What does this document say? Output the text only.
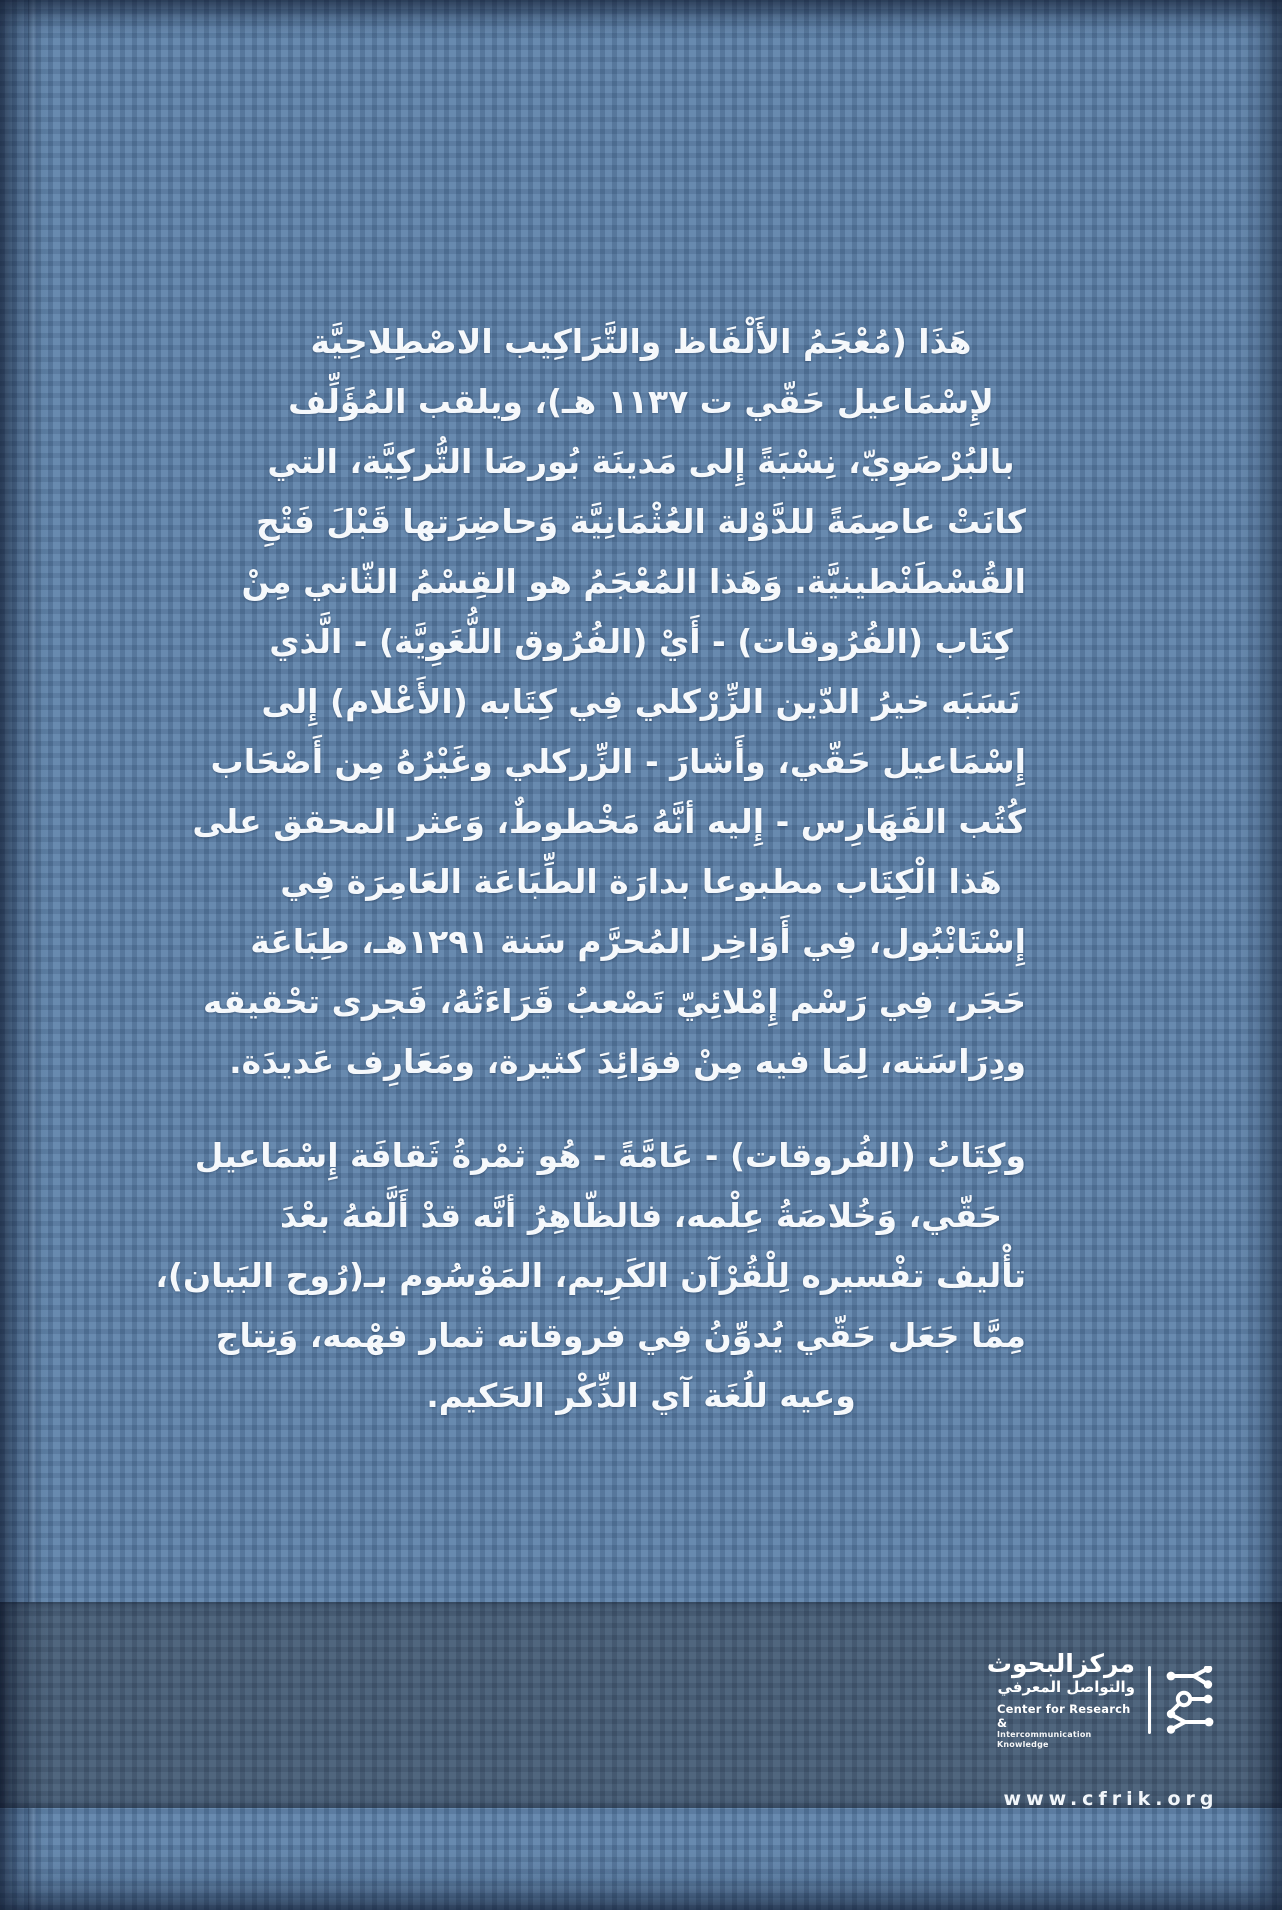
هَذَا (مُعْجَمُ الأَلْفَاظ والتَّرَاكِيب الاصْطِلاحِيَّة
لإِسْمَاعيل حَقّي ت ١١٣٧ هـ)، ويلقب المُؤَلِّف
بالبُرْصَوِيّ، نِسْبَةً إِلى مَدينَة بُورصَا التُّركِيَّة، التي
كانَتْ عاصِمَةً للدَّوْلة العُثْمَانِيَّة وَحاضِرَتها قَبْلَ فَتْحِ
القُسْطَنْطينيَّة. وَهَذا المُعْجَمُ هو القِسْمُ الثّاني مِنْ
كِتَاب (الفُرُوقات) - أَيْ (الفُرُوق اللُّغَوِيَّة) - الَّذي
نَسَبَه خيرُ الدّين الزِّرْكلي فِي كِتَابه (الأَعْلام) إِلى
إِسْمَاعيل حَقّي، وأَشارَ - الزِّركلي وغَيْرُهُ مِن أَصْحَاب
كُتُب الفَهَارِس - إِليه أنَّهُ مَخْطوطٌ، وَعثر المحقق على
هَذا الْكِتَاب مطبوعا بدارَة الطِّبَاعَة العَامِرَة فِي
إِسْتَانْبُول، فِي أَوَاخِر المُحرَّم سَنة ١٢٩١هـ، طِبَاعَة
حَجَر، فِي رَسْم إِمْلائِيّ تَصْعبُ قَرَاءَتُهُ، فَجرى تحْقيقه
ودِرَاسَته، لِمَا فيه مِنْ فوَائِدَ كثيرة، ومَعَارِف عَديدَة.
وكِتَابُ (الفُروقات) - عَامَّةً - هُو ثمْرةُ ثَقافَة إِسْمَاعيل
حَقّي، وَخُلاصَةُ عِلْمه، فالظّاهِرُ أنَّه قدْ أَلَّفهُ بعْدَ
تأْليف تفْسيره لِلْقُرْآن الكَرِيم، المَوْسُوم بـ(رُوح البَيان)،
مِمَّا جَعَل حَقّي يُدوِّنُ فِي فروقاته ثمار فهْمه، وَنِتاج
وعيه للُغَة آي الذِّكْر الحَكيم.
مركزالبحوث
والتواصل المعرفي
Center for Research &
Intercommunication Knowledge
www.cfrik.org
